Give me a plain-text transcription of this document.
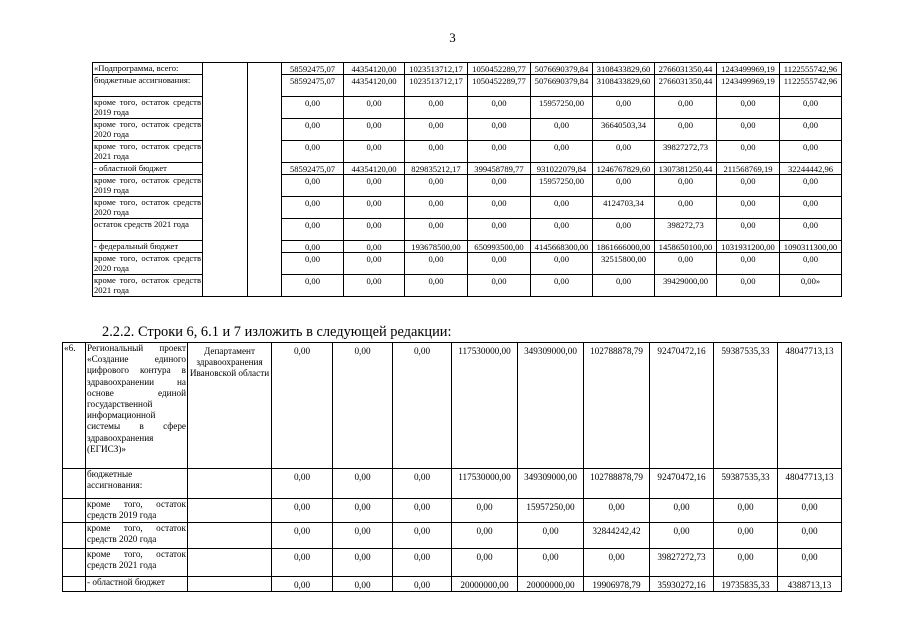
3
«Подпрограмма, всего:			58592475,07	44354120,00	1023513712,17	1050452289,77	5076690379,84	3108433829,60	2766031350,44	1243499969,19	1122555742,96
бюджетные ассигнования:			58592475,07	44354120,00	1023513712,17	1050452289,77	5076690379,84	3108433829,60	2766031350,44	1243499969,19	1122555742,96
кроме того, остаток средств 2019 года			0,00	0,00	0,00	0,00	15957250,00	0,00	0,00	0,00	0,00
кроме того, остаток средств 2020 года			0,00	0,00	0,00	0,00	0,00	36640503,34	0,00	0,00	0,00
кроме того, остаток средств 2021 года			0,00	0,00	0,00	0,00	0,00	0,00	39827272,73	0,00	0,00
- областной бюджет			58592475,07	44354120,00	829835212,17	399458789,77	931022079,84	1246767829,60	1307381250,44	211568769,19	32244442,96
кроме того, остаток средств 2019 года			0,00	0,00	0,00	0,00	15957250,00	0,00	0,00	0,00	0,00
кроме того, остаток средств 2020 года			0,00	0,00	0,00	0,00	0,00	4124703,34	0,00	0,00	0,00
остаток средств 2021 года			0,00	0,00	0,00	0,00	0,00	0,00	398272,73	0,00	0,00
- федеральный бюджет			0,00	0,00	193678500,00	650993500,00	4145668300,00	1861666000,00	1458650100,00	1031931200,00	1090311300,00
кроме того, остаток средств 2020 года			0,00	0,00	0,00	0,00	0,00	32515800,00	0,00	0,00	0,00
кроме того, остаток средств 2021 года			0,00	0,00	0,00	0,00	0,00	0,00	39429000,00	0,00	0,00»
2.2.2. Строки 6, 6.1 и 7 изложить в следующей редакции:
«6.	Региональный проект «Создание единого цифрового контура в здравоохранении на основе единой государственной информационной системы в сфере здравоохранения (ЕГИСЗ)»	Департамент здравоохранения Ивановской области	0,00	0,00	0,00	117530000,00	349309000,00	102788878,79	92470472,16	59387535,33	48047713,13
	бюджетные ассигнования:		0,00	0,00	0,00	117530000,00	349309000,00	102788878,79	92470472,16	59387535,33	48047713,13
	кроме того, остаток средств 2019 года		0,00	0,00	0,00	0,00	15957250,00	0,00	0,00	0,00	0,00
	кроме того, остаток средств 2020 года		0,00	0,00	0,00	0,00	0,00	32844242,42	0,00	0,00	0,00
	кроме того, остаток средств 2021 года		0,00	0,00	0,00	0,00	0,00	0,00	39827272,73	0,00	0,00
	- областной бюджет		0,00	0,00	0,00	20000000,00	20000000,00	19906978,79	35930272,16	19735835,33	4388713,13
